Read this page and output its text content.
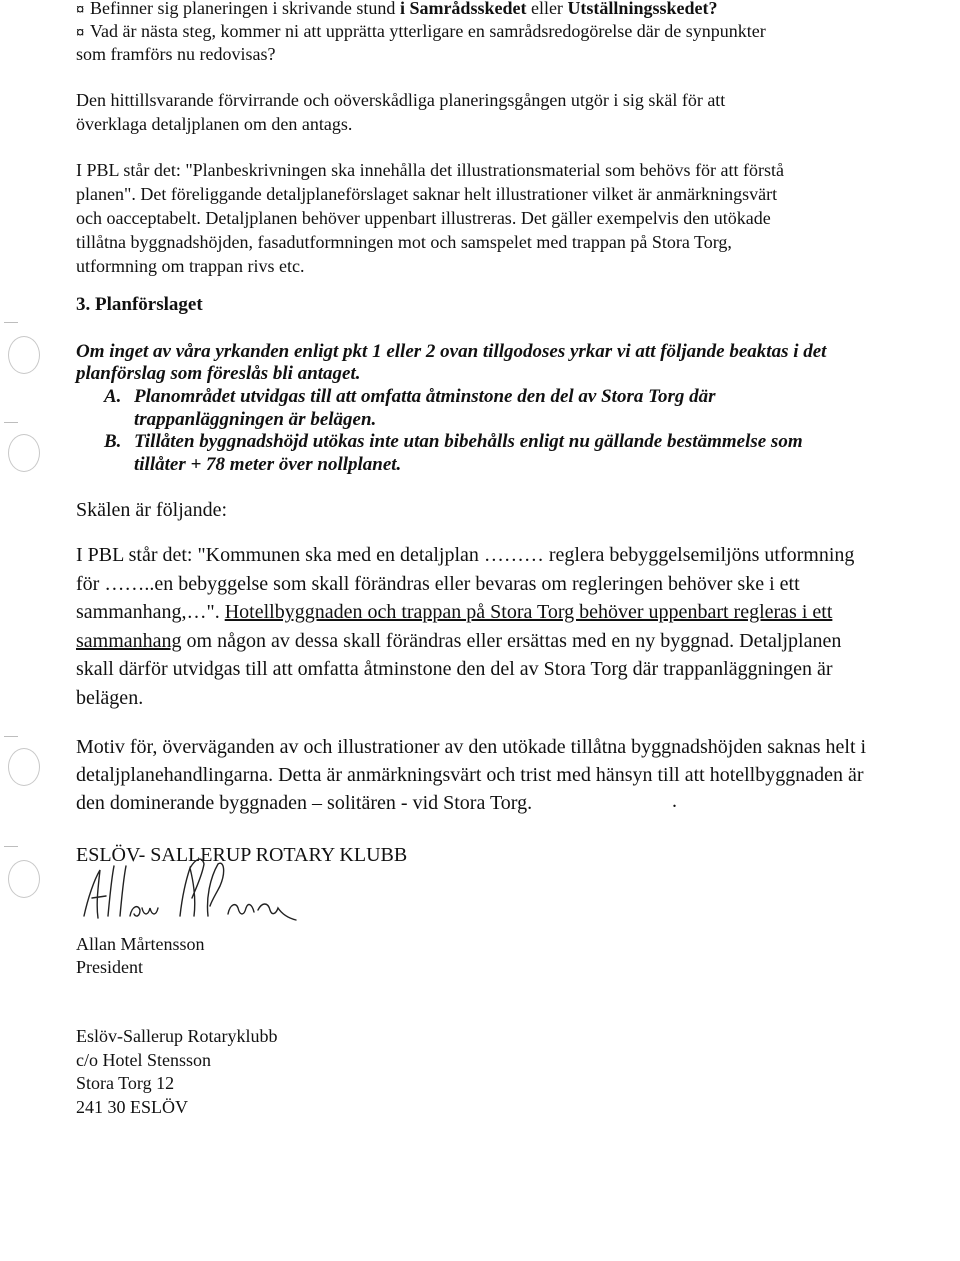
¤ Befinner sig planeringen i skrivande stund i Samrådsskedet eller Utställningsskedet?
¤ Vad är nästa steg, kommer ni att upprätta ytterligare en samrådsredogörelse där de synpunkter
som framförs nu redovisas?
Den hittillsvarande förvirrande och oöverskådliga planeringsgången utgör i sig skäl för att
överklaga detaljplanen om den antags.
I PBL står det: "Planbeskrivningen ska innehålla det illustrationsmaterial som behövs för att förstå
planen". Det föreliggande detaljplaneförslaget saknar helt illustrationer vilket är anmärkningsvärt
och oacceptabelt. Detaljplanen behöver uppenbart illustreras. Det gäller exempelvis den utökade
tillåtna byggnadshöjden, fasadutformningen mot och samspelet med trappan på Stora Torg,
utformning om trappan rivs etc.
3. Planförslaget
Om inget av våra yrkanden enligt pkt 1 eller 2 ovan tillgodoses yrkar vi att följande beaktas i det
planförslag som föreslås bli antaget.
A. Planområdet utvidgas till att omfatta åtminstone den del av Stora Torg där
trappanläggningen är belägen.
B. Tillåten byggnadshöjd utökas inte utan bibehålls enligt nu gällande bestämmelse som
tillåter + 78 meter över nollplanet.
Skälen är följande:
I PBL står det: "Kommunen ska med en detaljplan ……… reglera bebyggelsemiljöns utformning
för ……..en bebyggelse som skall förändras eller bevaras om regleringen behöver ske i ett
sammanhang,…". Hotellbyggnaden och trappan på Stora Torg behöver uppenbart regleras i ett
sammanhang om någon av dessa skall förändras eller ersättas med en ny byggnad. Detaljplanen
skall därför utvidgas till att omfatta åtminstone den del av Stora Torg där trappanläggningen är
belägen.
Motiv för, överväganden av och illustrationer av den utökade tillåtna byggnadshöjden saknas helt i
detaljplanehandlingarna. Detta är anmärkningsvärt och trist med hänsyn till att hotellbyggnaden är
den dominerande byggnaden – solitären - vid Stora Torg.	.
ESLÖV- SALLERUP ROTARY KLUBB
Allan Mårtensson
President
Eslöv-Sallerup Rotaryklubb
c/o Hotel Stensson
Stora Torg 12
241 30 ESLÖV
